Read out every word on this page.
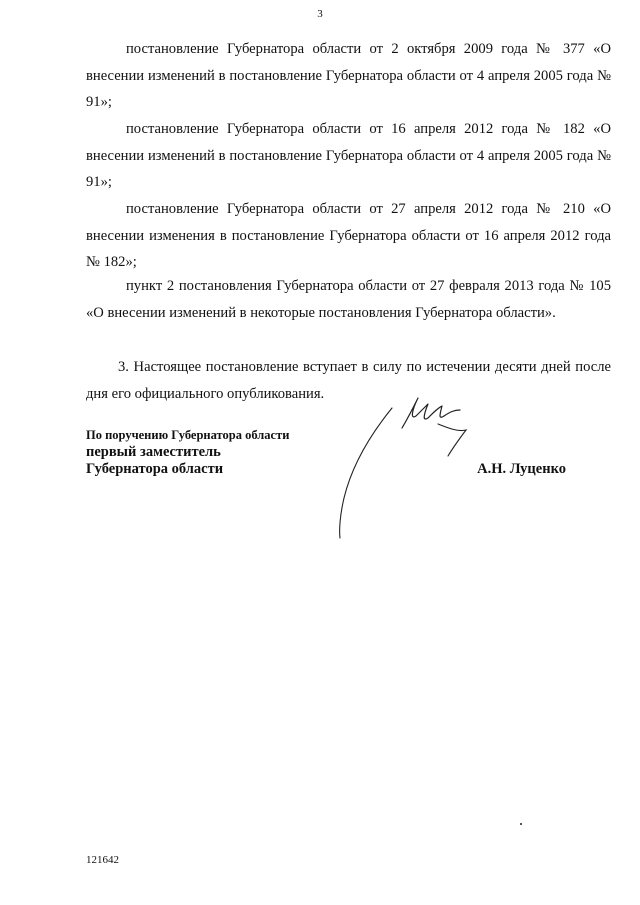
3

постановление Губернатора области от 2 октября 2009 года № 377 «О внесении изменений в постановление Губернатора области от 4 апреля 2005 года № 91»;

постановление Губернатора области от 16 апреля 2012 года № 182 «О внесении изменений в постановление Губернатора области от 4 апреля 2005 года № 91»;

постановление Губернатора области от 27 апреля 2012 года № 210 «О внесении изменения в постановление Губернатора области от 16 апреля 2012 года № 182»;

пункт 2 постановления Губернатора области от 27 февраля 2013 года № 105 «О внесении изменений в некоторые постановления Губернатора области».

3. Настоящее постановление вступает в силу по истечении десяти дней после дня его официального опубликования.

По поручению Губернатора области
первый заместитель
Губернатора области	А.Н. Луценко
121642
